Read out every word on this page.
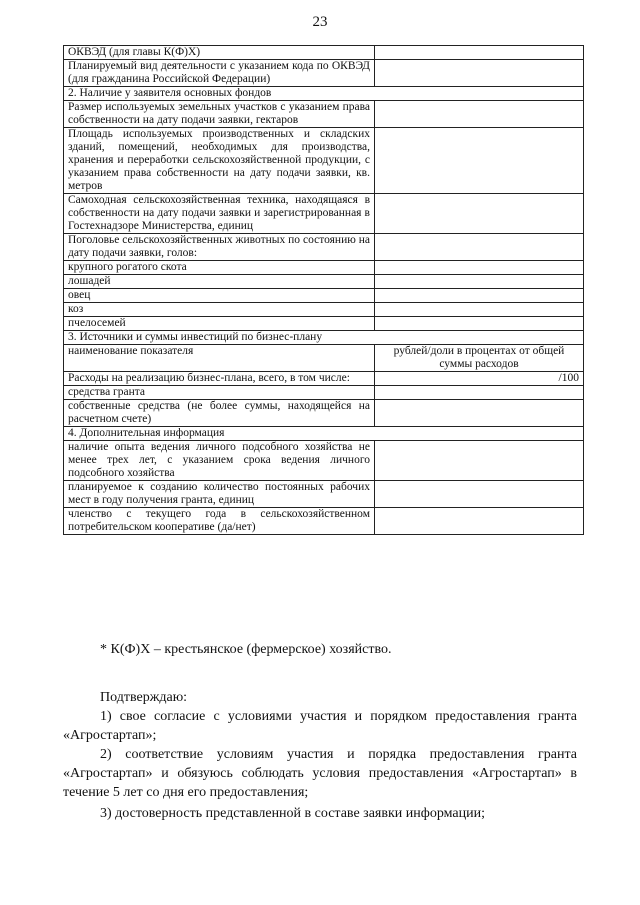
23
ОКВЭД (для главы К(Ф)Х)	
Планируемый вид деятельности с указанием кода по ОКВЭД (для гражданина Российской Федерации)	
2. Наличие у заявителя основных фондов	
Размер используемых земельных участков с указанием права собственности на дату подачи заявки, гектаров	
Площадь используемых производственных и складских зданий, помещений, необходимых для производства, хранения и переработки сельскохозяйственной продукции, с указанием права собственности на дату подачи заявки, кв. метров	
Самоходная сельскохозяйственная техника, находящаяся в собственности на дату подачи заявки и зарегистрированная в Гостехнадзоре Министерства, единиц	
Поголовье сельскохозяйственных животных по состоянию на дату подачи заявки, голов:	
крупного рогатого скота	
лошадей	
овец	
коз	
пчелосемей	
3. Источники и суммы инвестиций по бизнес-плану	
наименование показателя	рублей/доли в процентах от общей суммы расходов
Расходы на реализацию бизнес-плана, всего, в том числе:	/100
средства гранта	
собственные средства (не более суммы, находящейся на расчетном счете)	
4. Дополнительная информация	
наличие опыта ведения личного подсобного хозяйства не менее трех лет, с указанием срока ведения личного подсобного хозяйства	
планируемое к созданию количество постоянных рабочих мест в году получения гранта, единиц	
членство с текущего года в сельскохозяйственном потребительском кооперативе (да/нет)	
* К(Ф)Х – крестьянское (фермерское) хозяйство.

Подтверждаю:

1) свое согласие с условиями участия и порядком предоставления гранта «Агростартап»;

2) соответствие условиям участия и порядка предоставления гранта «Агростартап» и обязуюсь соблюдать условия предоставления «Агростартап» в течение 5 лет со дня его предоставления;

3) достоверность представленной в составе заявки информации;
